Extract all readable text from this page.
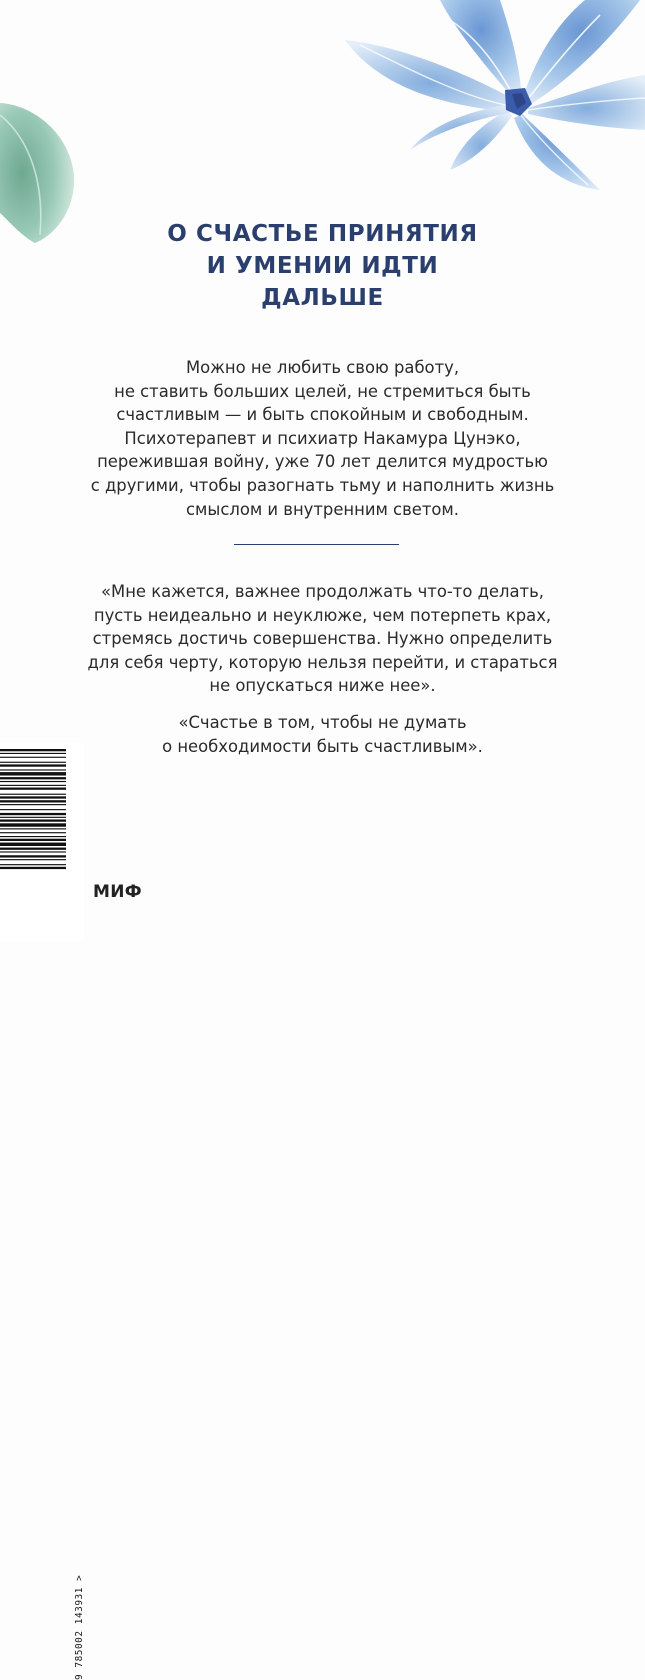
О СЧАСТЬЕ ПРИНЯТИЯ
И УМЕНИИ ИДТИ
ДАЛЬШЕ
Можно не любить свою работу,
не ставить больших целей, не стремиться быть
счастливым — и быть спокойным и свободным.
Психотерапевт и психиатр Накамура Цунэко,
пережившая войну, уже 70 лет делится мудростью
с другими, чтобы разогнать тьму и наполнить жизнь
смыслом и внутренним светом.
«Мне кажется, важнее продолжать что-то делать,
пусть неидеально и неуклюже, чем потерпеть крах,
стремясь достичь совершенства. Нужно определить
для себя черту, которую нельзя перейти, и стараться
не опускаться ниже нее».
«Счастье в том, чтобы не думать
о необходимости быть счастливым».
9 785002 143931 >
МИФ
